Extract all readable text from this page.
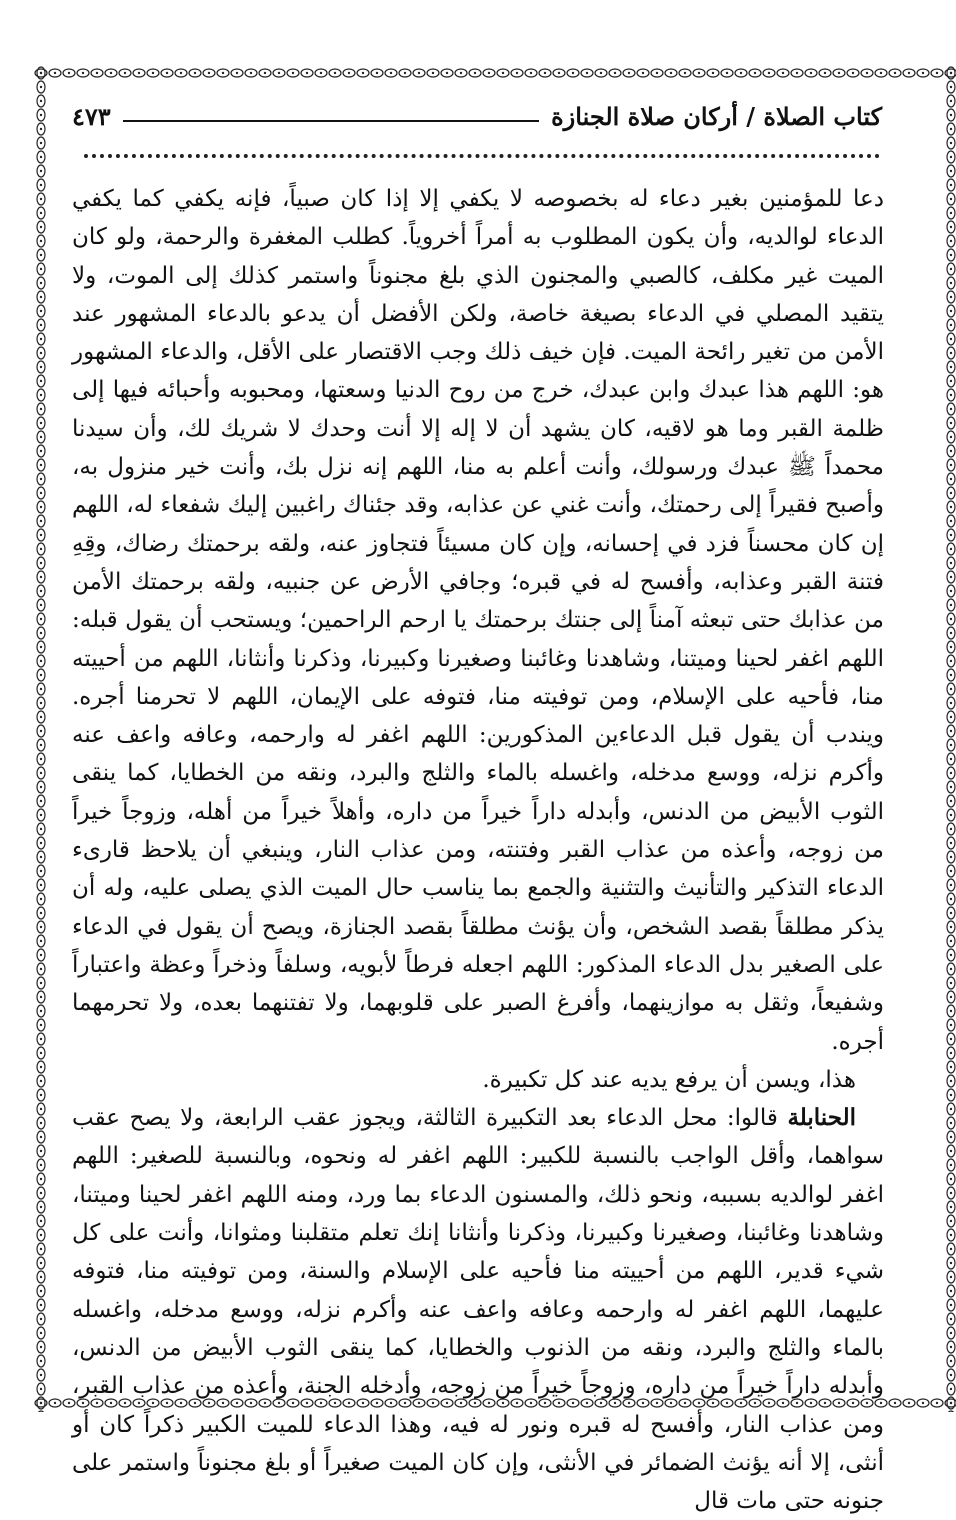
كتاب الصلاة / أركان صلاة الجنازة
٤٧٣

دعا للمؤمنين بغير دعاء له بخصوصه لا يكفي إلا إذا كان صبياً، فإنه يكفي كما يكفي الدعاء لوالديه، وأن يكون المطلوب به أمراً أخروياً. كطلب المغفرة والرحمة، ولو كان الميت غير مكلف، كالصبي والمجنون الذي بلغ مجنوناً واستمر كذلك إلى الموت، ولا يتقيد المصلي في الدعاء بصيغة خاصة، ولكن الأفضل أن يدعو بالدعاء المشهور عند الأمن من تغير رائحة الميت. فإن خيف ذلك وجب الاقتصار على الأقل، والدعاء المشهور هو: اللهم هذا عبدك وابن عبدك، خرج من روح الدنيا وسعتها، ومحبوبه وأحبائه فيها إلى ظلمة القبر وما هو لاقيه، كان يشهد أن لا إله إلا أنت وحدك لا شريك لك، وأن سيدنا محمداً ﷺ عبدك ورسولك، وأنت أعلم به منا، اللهم إنه نزل بك، وأنت خير منزول به، وأصبح فقيراً إلى رحمتك، وأنت غني عن عذابه، وقد جئناك راغبين إليك شفعاء له، اللهم إن كان محسناً فزد في إحسانه، وإن كان مسيئاً فتجاوز عنه، ولقه برحمتك رضاك، وقِهِ فتنة القبر وعذابه، وأفسح له في قبره؛ وجافي الأرض عن جنبيه، ولقه برحمتك الأمن من عذابك حتى تبعثه آمناً إلى جنتك برحمتك يا ارحم الراحمين؛ ويستحب أن يقول قبله: اللهم اغفر لحينا وميتنا، وشاهدنا وغائبنا وصغيرنا وكبيرنا، وذكرنا وأنثانا، اللهم من أحييته منا، فأحيه على الإسلام، ومن توفيته منا، فتوفه على الإيمان، اللهم لا تحرمنا أجره. ويندب أن يقول قبل الدعاءين المذكورين: اللهم اغفر له وارحمه، وعافه واعف عنه وأكرم نزله، ووسع مدخله، واغسله بالماء والثلج والبرد، ونقه من الخطايا، كما ينقى الثوب الأبيض من الدنس، وأبدله داراً خيراً من داره، وأهلاً خيراً من أهله، وزوجاً خيراً من زوجه، وأعذه من عذاب القبر وفتنته، ومن عذاب النار، وينبغي أن يلاحظ قارىء الدعاء التذكير والتأنيث والتثنية والجمع بما يناسب حال الميت الذي يصلى عليه، وله أن يذكر مطلقاً بقصد الشخص، وأن يؤنث مطلقاً بقصد الجنازة، ويصح أن يقول في الدعاء على الصغير بدل الدعاء المذكور: اللهم اجعله فرطاً لأبويه، وسلفاً وذخراً وعظة واعتباراً وشفيعاً، وثقل به موازينهما، وأفرغ الصبر على قلوبهما، ولا تفتنهما بعده، ولا تحرمهما أجره.

هذا، ويسن أن يرفع يديه عند كل تكبيرة.

الحنابلة قالوا: محل الدعاء بعد التكبيرة الثالثة، ويجوز عقب الرابعة، ولا يصح عقب سواهما، وأقل الواجب بالنسبة للكبير: اللهم اغفر له ونحوه، وبالنسبة للصغير: اللهم اغفر لوالديه بسببه، ونحو ذلك، والمسنون الدعاء بما ورد، ومنه اللهم اغفر لحينا وميتنا، وشاهدنا وغائبنا، وصغيرنا وكبيرنا، وذكرنا وأنثانا إنك تعلم متقلبنا ومثوانا، وأنت على كل شيء قدير، اللهم من أحييته منا فأحيه على الإسلام والسنة، ومن توفيته منا، فتوفه عليهما، اللهم اغفر له وارحمه وعافه واعف عنه وأكرم نزله، ووسع مدخله، واغسله بالماء والثلج والبرد، ونقه من الذنوب والخطايا، كما ينقى الثوب الأبيض من الدنس، وأبدله داراً خيراً من داره، وزوجاً خيراً من زوجه، وأدخله الجنة، وأعذه من عذاب القبر، ومن عذاب النار، وأفسح له قبره ونور له فيه، وهذا الدعاء للميت الكبير ذكراً كان أو أنثى، إلا أنه يؤنث الضمائر في الأنثى، وإن كان الميت صغيراً أو بلغ مجنوناً واستمر على جنونه حتى مات قال
